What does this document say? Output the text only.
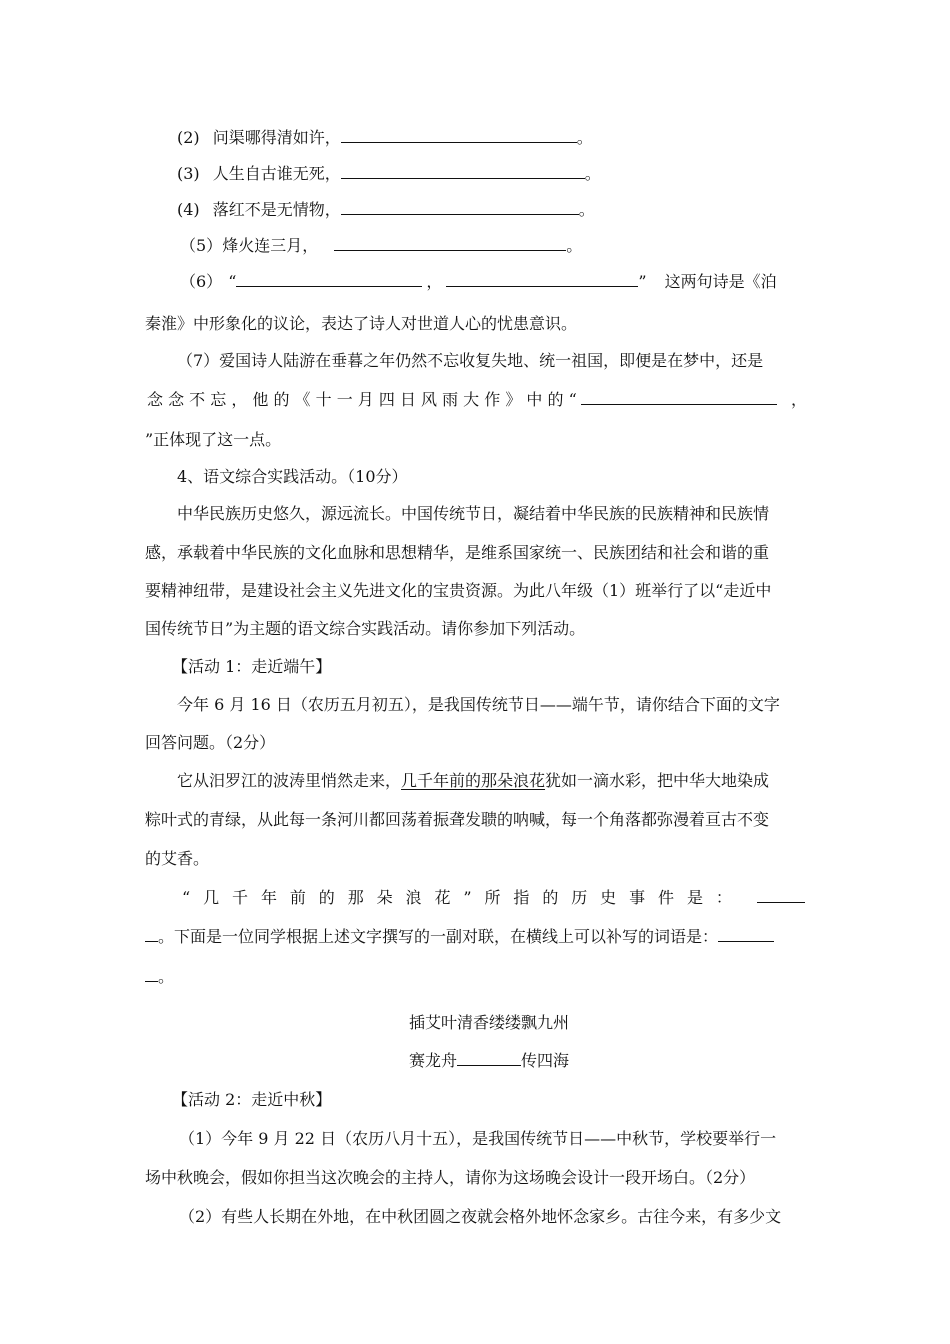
(2) 问渠哪得清如许，	。
(3) 人生自古谁无死，	。
(4) 落红不是无情物，	。
（5）烽火连三月，	。
（6） “	，	” 这两句诗是《泊
秦淮》中形象化的议论，表达了诗人对世道人心的忧患意识。
（7）爱国诗人陆游在垂暮之年仍然不忘收复失地、统一祖国，即便是在梦中，还是
念 念 不 忘 ， 他 的 《 十 一 月 四 日 风 雨 大 作 》 中 的 “	，
”正体现了这一点。
4、语文综合实践活动。（10分）
中华民族历史悠久，源远流长。中国传统节日，凝结着中华民族的民族精神和民族情
感，承载着中华民族的文化血脉和思想精华，是维系国家统一、民族团结和社会和谐的重
要精神纽带，是建设社会主义先进文化的宝贵资源。为此八年级（1）班举行了以“走近中
国传统节日”为主题的语文综合实践活动。请你参加下列活动。
【活动 1：走近端午】
今年 6 月 16 日（农历五月初五），是我国传统节日——端午节，请你结合下面的文字
回答问题。（2分）
它从汨罗江的波涛里悄然走来，几千年前的那朵浪花犹如一滴水彩，把中华大地染成
粽叶式的青绿，从此每一条河川都回荡着振聋发聩的呐喊，每一个角落都弥漫着亘古不变
的艾香。
“ 几 千 年 前 的 那 朵 浪 花 ” 所 指 的 历 史 事 件 是 ：
。下面是一位同学根据上述文字撰写的一副对联，在横线上可以补写的词语是：
。
插艾叶清香缕缕飘九州
赛龙舟	传四海
【活动 2：走近中秋】
（1）今年 9 月 22 日（农历八月十五），是我国传统节日——中秋节，学校要举行一
场中秋晚会，假如你担当这次晚会的主持人，请你为这场晚会设计一段开场白。（2分）
（2）有些人长期在外地，在中秋团圆之夜就会格外地怀念家乡。古往今来，有多少文
